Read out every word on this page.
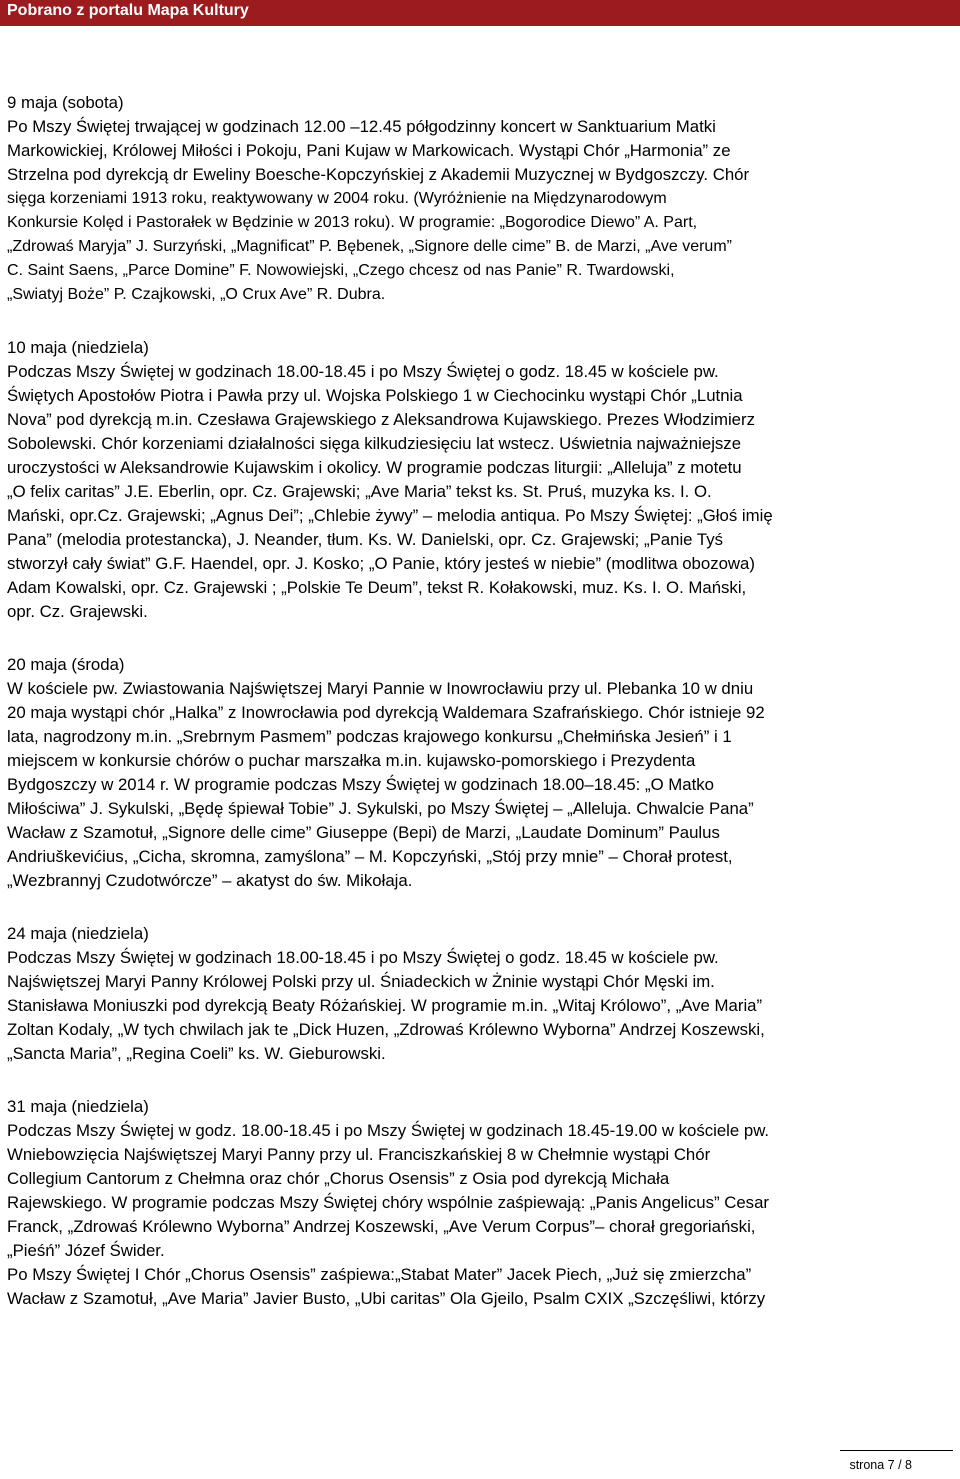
Pobrano z portalu Mapa Kultury
9 maja (sobota)
Po Mszy Świętej trwającej w godzinach 12.00 –12.45 półgodzinny koncert w Sanktuarium Matki
Markowickiej, Królowej Miłości i Pokoju, Pani Kujaw w Markowicach. Wystąpi Chór „Harmonia” ze
Strzelna pod dyrekcją dr Eweliny Boesche-Kopczyńskiej z Akademii Muzycznej w Bydgoszczy. Chór
sięga korzeniami 1913 roku, reaktywowany w 2004 roku. (Wyróżnienie na Międzynarodowym
Konkursie Kolęd i Pastorałek w Będzinie w 2013 roku). W programie: „Bogorodice Diewo” A. Part,
„Zdrowaś Maryja” J. Surzyński, „Magnificat” P. Bębenek, „Signore delle cime” B. de Marzi, „Ave verum”
C. Saint Saens, „Parce Domine” F. Nowowiejski, „Czego chcesz od nas Panie” R. Twardowski,
„Swiatyj Boże” P. Czajkowski, „O Crux Ave” R. Dubra.
10 maja (niedziela)
Podczas Mszy Świętej w godzinach 18.00-18.45 i po Mszy Świętej o godz. 18.45 w kościele pw.
Świętych Apostołów Piotra i Pawła przy ul. Wojska Polskiego 1 w Ciechocinku wystąpi Chór „Lutnia
Nova” pod dyrekcją m.in. Czesława Grajewskiego z Aleksandrowa Kujawskiego. Prezes Włodzimierz
Sobolewski. Chór korzeniami działalności sięga kilkudziesięciu lat wstecz. Uświetnia najważniejsze
uroczystości w Aleksandrowie Kujawskim i okolicy. W programie podczas liturgii: „Alleluja” z motetu
„O felix caritas” J.E. Eberlin, opr. Cz. Grajewski; „Ave Maria” tekst ks. St. Pruś, muzyka ks. I. O.
Mański, opr.Cz. Grajewski; „Agnus Dei”; „Chlebie żywy” – melodia antiqua. Po Mszy Świętej: „Głoś imię
Pana” (melodia protestancka), J. Neander, tłum. Ks. W. Danielski, opr. Cz. Grajewski; „Panie Tyś
stworzył cały świat” G.F. Haendel, opr. J. Kosko; „O Panie, który jesteś w niebie” (modlitwa obozowa)
Adam Kowalski, opr. Cz. Grajewski ; „Polskie Te Deum”, tekst R. Kołakowski, muz. Ks. I. O. Mański,
opr. Cz. Grajewski.
20 maja (środa)
W kościele pw. Zwiastowania Najświętszej Maryi Pannie w Inowrocławiu przy ul. Plebanka 10 w dniu
20 maja wystąpi chór „Halka” z Inowrocławia pod dyrekcją Waldemara Szafrańskiego. Chór istnieje 92
lata, nagrodzony m.in. „Srebrnym Pasmem” podczas krajowego konkursu „Chełmińska Jesień” i 1
miejscem w konkursie chórów o puchar marszałka m.in. kujawsko-pomorskiego i Prezydenta
Bydgoszczy w 2014 r. W programie podczas Mszy Świętej w godzinach 18.00–18.45: „O Matko
Miłościwa” J. Sykulski, „Będę śpiewał Tobie” J. Sykulski, po Mszy Świętej – „Alleluja. Chwalcie Pana”
Wacław z Szamotuł, „Signore delle cime” Giuseppe (Bepi) de Marzi, „Laudate Dominum” Paulus
Andriuškevićius, „Cicha, skromna, zamyślona” – M. Kopczyński, „Stój przy mnie” – Chorał protest,
„Wezbrannyj Czudotwórcze” – akatyst do św. Mikołaja.
24 maja (niedziela)
Podczas Mszy Świętej w godzinach 18.00-18.45 i po Mszy Świętej o godz. 18.45 w kościele pw.
Najświętszej Maryi Panny Królowej Polski przy ul. Śniadeckich w Żninie wystąpi Chór Męski im.
Stanisława Moniuszki pod dyrekcją Beaty Różańskiej. W programie m.in. „Witaj Królowo”, „Ave Maria”
Zoltan Kodaly, „W tych chwilach jak te „Dick Huzen, „Zdrowaś Królewno Wyborna” Andrzej Koszewski,
„Sancta Maria”, „Regina Coeli” ks. W. Gieburowski.
31 maja (niedziela)
Podczas Mszy Świętej w godz. 18.00-18.45 i po Mszy Świętej w godzinach 18.45-19.00 w kościele pw.
Wniebowzięcia Najświętszej Maryi Panny przy ul. Franciszkańskiej 8 w Chełmnie wystąpi Chór
Collegium Cantorum z Chełmna oraz chór „Chorus Osensis” z Osia pod dyrekcją Michała
Rajewskiego. W programie podczas Mszy Świętej chóry wspólnie zaśpiewają: „Panis Angelicus” Cesar
Franck, „Zdrowaś Królewno Wyborna” Andrzej Koszewski, „Ave Verum Corpus”– chorał gregoriański,
„Pieśń” Józef Świder.
Po Mszy Świętej I Chór „Chorus Osensis” zaśpiewa:„Stabat Mater” Jacek Piech, „Już się zmierzcha”
Wacław z Szamotuł, „Ave Maria” Javier Busto, „Ubi caritas” Ola Gjeilo, Psalm CXIX „Szczęśliwi, którzy
strona 7 / 8
